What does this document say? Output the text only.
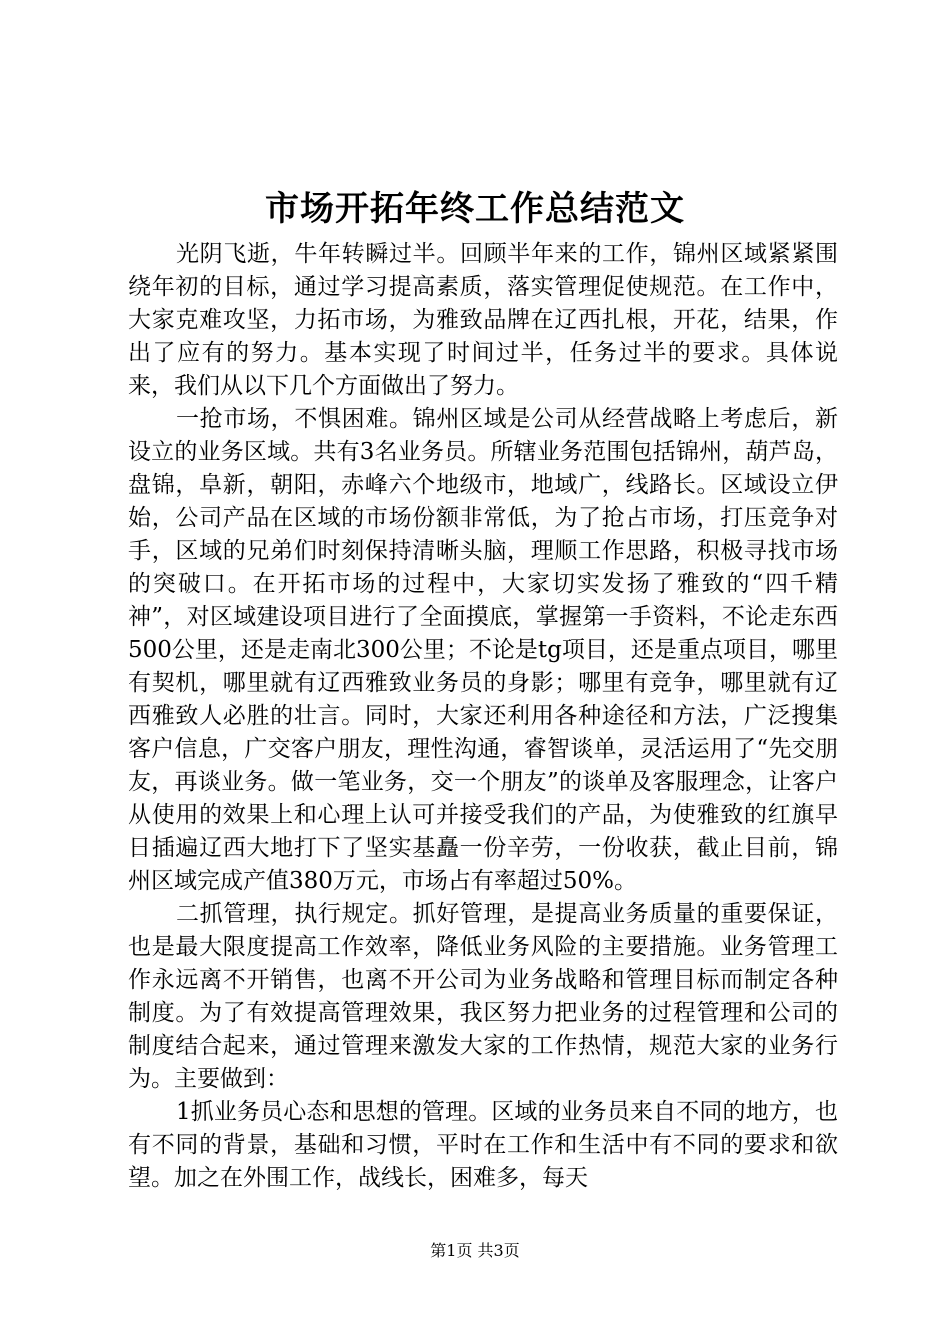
市场开拓年终工作总结范文

光阴飞逝，牛年转瞬过半。回顾半年来的工作，锦州区域紧紧围绕年初的目标，通过学习提高素质，落实管理促使规范。在工作中，大家克难攻坚，力拓市场，为雅致品牌在辽西扎根，开花，结果，作出了应有的努力。基本实现了时间过半，任务过半的要求。具体说来，我们从以下几个方面做出了努力。

一抢市场，不惧困难。锦州区域是公司从经营战略上考虑后，新设立的业务区域。共有3名业务员。所辖业务范围包括锦州，葫芦岛，盘锦，阜新，朝阳，赤峰六个地级市，地域广，线路长。区域设立伊始，公司产品在区域的市场份额非常低，为了抢占市场，打压竞争对手，区域的兄弟们时刻保持清晰头脑，理顺工作思路，积极寻找市场的突破口。在开拓市场的过程中，大家切实发扬了雅致的“四千精神”，对区域建设项目进行了全面摸底，掌握第一手资料，不论走东西500公里，还是走南北300公里；不论是tg项目，还是重点项目，哪里有契机，哪里就有辽西雅致业务员的身影；哪里有竞争，哪里就有辽西雅致人必胜的壮言。同时，大家还利用各种途径和方法，广泛搜集客户信息，广交客户朋友，理性沟通，睿智谈单，灵活运用了“先交朋友，再谈业务。做一笔业务，交一个朋友”的谈单及客服理念，让客户从使用的效果上和心理上认可并接受我们的产品，为使雅致的红旗早日插遍辽西大地打下了坚实基矗一份辛劳，一份收获，截止目前，锦州区域完成产值380万元，市场占有率超过50%。

二抓管理，执行规定。抓好管理，是提高业务质量的重要保证，也是最大限度提高工作效率，降低业务风险的主要措施。业务管理工作永远离不开销售，也离不开公司为业务战略和管理目标而制定各种制度。为了有效提高管理效果，我区努力把业务的过程管理和公司的制度结合起来，通过管理来激发大家的工作热情，规范大家的业务行为。主要做到：

1抓业务员心态和思想的管理。区域的业务员来自不同的地方，也有不同的背景，基础和习惯，平时在工作和生活中有不同的要求和欲望。加之在外围工作，战线长，困难多，每天

第1页 共3页
